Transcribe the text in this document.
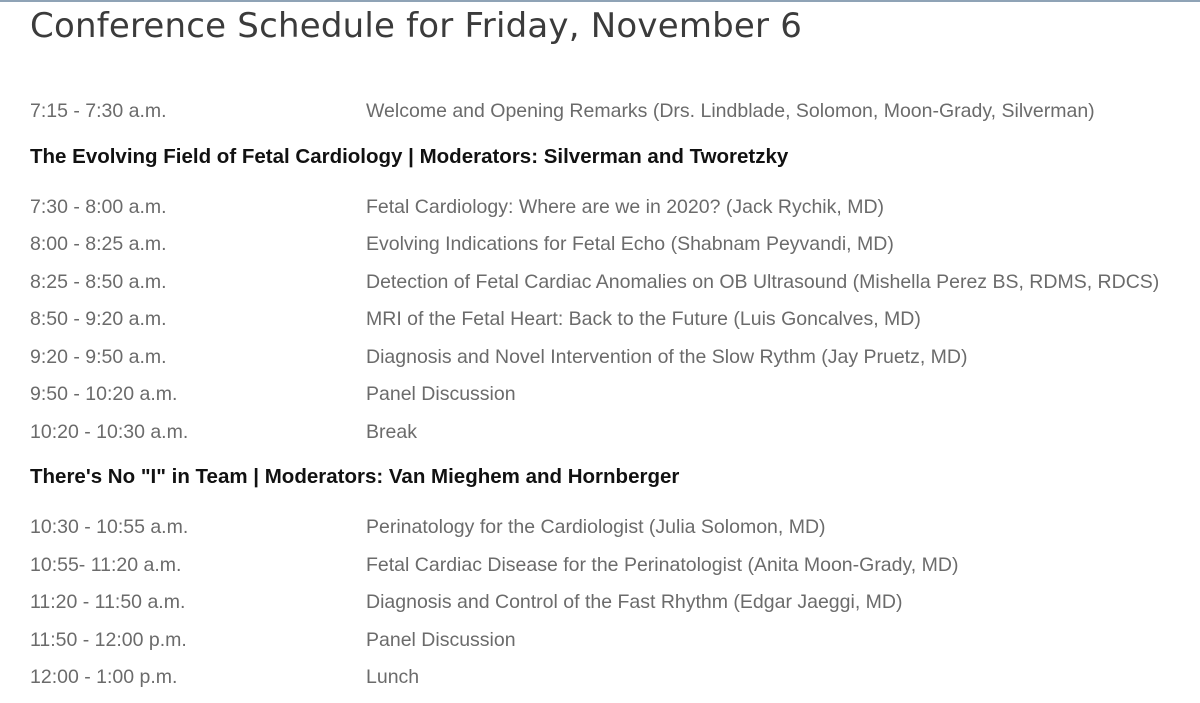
Conference Schedule for Friday, November 6
7:15 - 7:30 a.m.	Welcome and Opening Remarks (Drs. Lindblade, Solomon, Moon-Grady, Silverman)
The Evolving Field of Fetal Cardiology | Moderators: Silverman and Tworetzky
7:30 - 8:00 a.m.	Fetal Cardiology: Where are we in 2020? (Jack Rychik, MD)
8:00 - 8:25 a.m.	Evolving Indications for Fetal Echo (Shabnam Peyvandi, MD)
8:25 - 8:50 a.m.	Detection of Fetal Cardiac Anomalies on OB Ultrasound (Mishella Perez BS, RDMS, RDCS)
8:50 - 9:20 a.m.	MRI of the Fetal Heart: Back to the Future (Luis Goncalves, MD)
9:20 - 9:50 a.m.	Diagnosis and Novel Intervention of the Slow Rythm (Jay Pruetz, MD)
9:50 - 10:20 a.m.	Panel Discussion
10:20 - 10:30 a.m.	Break
There's No "I" in Team | Moderators: Van Mieghem and Hornberger
10:30 - 10:55 a.m.	Perinatology for the Cardiologist (Julia Solomon, MD)
10:55- 11:20 a.m.	Fetal Cardiac Disease for the Perinatologist (Anita Moon-Grady, MD)
11:20 - 11:50 a.m.	Diagnosis and Control of the Fast Rhythm (Edgar Jaeggi, MD)
11:50 - 12:00 p.m.	Panel Discussion
12:00 - 1:00 p.m.	Lunch
